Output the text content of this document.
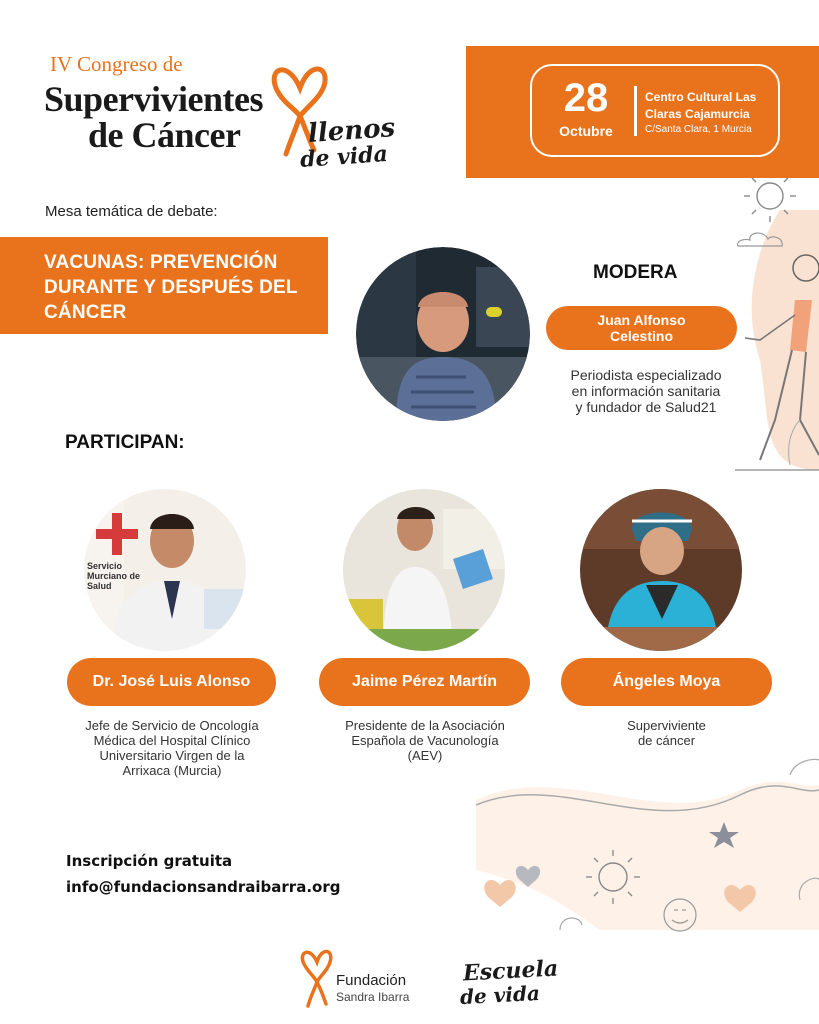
IV Congreso de
Supervivientes
de Cáncer	llenos
de vida
28
Octubre
Centro Cultural Las
Claras Cajamurcia
C/Santa Clara, 1 Murcia
Mesa temática de debate:
VACUNAS: PREVENCIÓN
DURANTE Y DESPUÉS DEL
CÁNCER
MODERA
Juan Alfonso
Celestino
Periodista especializado
en información sanitaria
y fundador de Salud21
PARTICIPAN:
Servicio Murciano de Salud
Dr. José Luis Alonso	Jaime Pérez Martín	Ángeles Moya
Jefe de Servicio de Oncología
Médica del Hospital Clínico
Universitario Virgen de la
Arrixaca (Murcia)
Presidente de la Asociación
Española de Vacunología
(AEV)
Superviviente
de cáncer
Inscripción gratuita
info@fundacionsandraibarra.org
Fundación
Sandra Ibarra
Escuela
de vida
